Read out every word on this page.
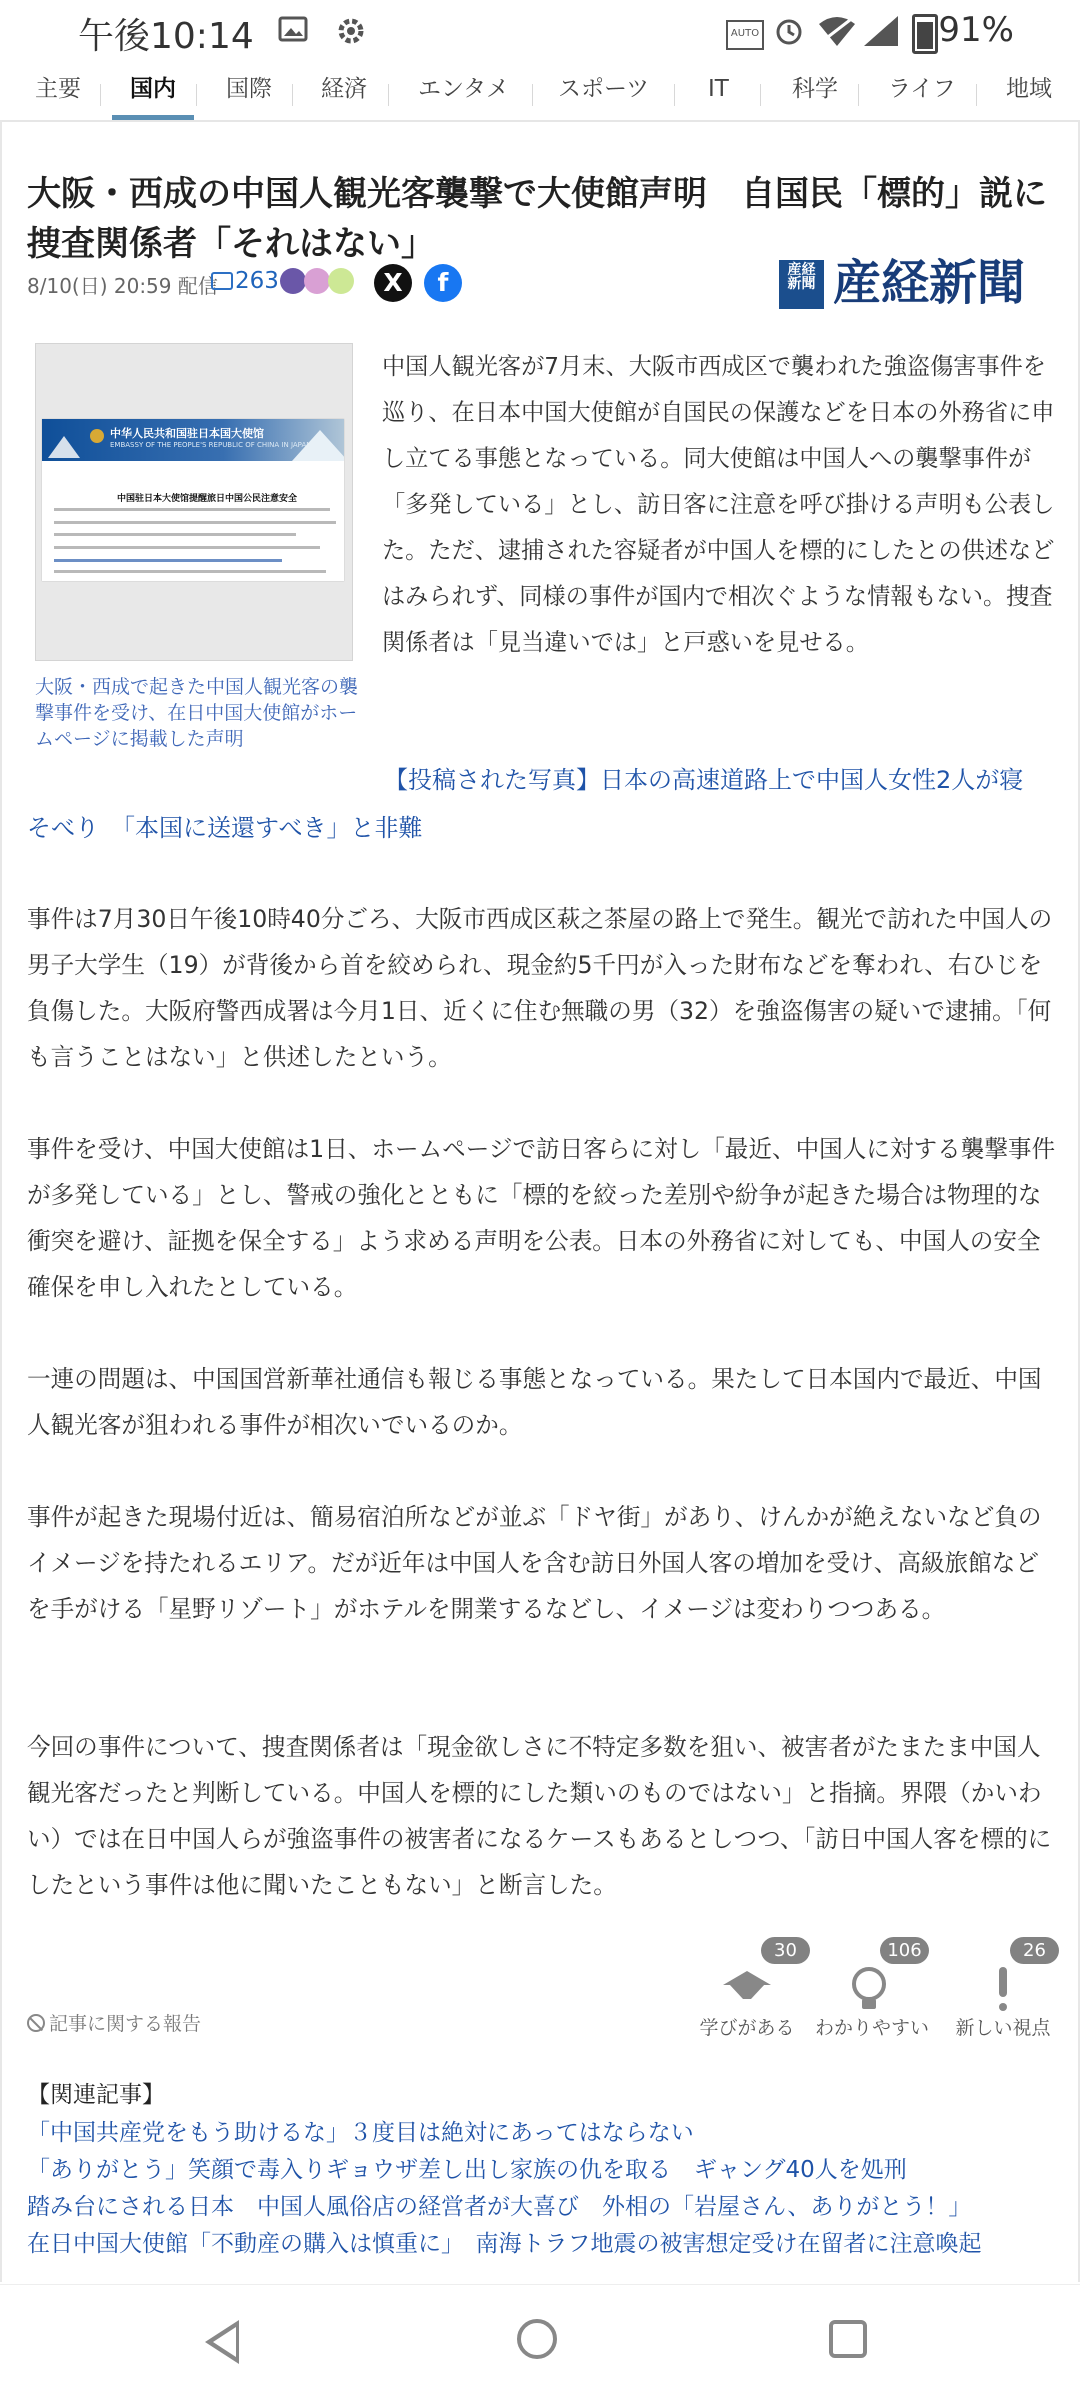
午後10:14	AUTO	91%
主要 国内 国際 経済 エンタメ スポーツ	IT	科学 ライフ 地域
大阪・西成の中国人観光客襲撃で大使館声明　自国民「標的」説に捜査関係者「それはない」
8/10(日) 20:59 配信 263	X	f	産経 新聞 産経新聞
中华人民共和国驻日本国大使馆
EMBASSY OF THE PEOPLE'S REPUBLIC OF CHINA IN JAPAN
中国驻日本大使馆提醒旅日中国公民注意安全
大阪・西成で起きた中国人観光客の襲撃事件を受け、在日中国大使館がホームページに掲載した声明
中国人観光客が7月末、大阪市西成区で襲われた強盗傷害事件を巡り、在日本中国大使館が自国民の保護などを日本の外務省に申し立てる事態となっている。同大使館は中国人への襲撃事件が「多発している」とし、訪日客に注意を呼び掛ける声明も公表した。ただ、逮捕された容疑者が中国人を標的にしたとの供述などはみられず、同様の事件が国内で相次ぐような情報もない。捜査関係者は「見当違いでは」と戸惑いを見せる。
【投稿された写真】日本の高速道路上で中国人女性2人が寝そべり　「本国に送還すべき」と非難
事件は7月30日午後10時40分ごろ、大阪市西成区萩之茶屋の路上で発生。観光で訪れた中国人の男子大学生（19）が背後から首を絞められ、現金約5千円が入った財布などを奪われ、右ひじを負傷した。大阪府警西成署は今月1日、近くに住む無職の男（32）を強盗傷害の疑いで逮捕。「何も言うことはない」と供述したという。
事件を受け、中国大使館は1日、ホームページで訪日客らに対し「最近、中国人に対する襲撃事件が多発している」とし、警戒の強化とともに「標的を絞った差別や紛争が起きた場合は物理的な衝突を避け、証拠を保全する」よう求める声明を公表。日本の外務省に対しても、中国人の安全確保を申し入れたとしている。
一連の問題は、中国国営新華社通信も報じる事態となっている。果たして日本国内で最近、中国人観光客が狙われる事件が相次いでいるのか。
事件が起きた現場付近は、簡易宿泊所などが並ぶ「ドヤ街」があり、けんかが絶えないなど負のイメージを持たれるエリア。だが近年は中国人を含む訪日外国人客の増加を受け、高級旅館などを手がける「星野リゾート」がホテルを開業するなどし、イメージは変わりつつある。
今回の事件について、捜査関係者は「現金欲しさに不特定多数を狙い、被害者がたまたま中国人観光客だったと判断している。中国人を標的にした類いのものではない」と指摘。界隈（かいわい）では在日中国人らが強盗事件の被害者になるケースもあるとしつつ、「訪日中国人客を標的にしたという事件は他に聞いたこともない」と断言した。
記事に関する報告
30
学びがある
106
わかりやすい
26
新しい視点
【関連記事】
「中国共産党をもう助けるな」３度目は絶対にあってはならない
「ありがとう」笑顔で毒入りギョウザ差し出し家族の仇を取る　ギャング40人を処刑
踏み台にされる日本　中国人風俗店の経営者が大喜び　外相の「岩屋さん、ありがとう！」
在日中国大使館「不動産の購入は慎重に」　南海トラフ地震の被害想定受け在留者に注意喚起
